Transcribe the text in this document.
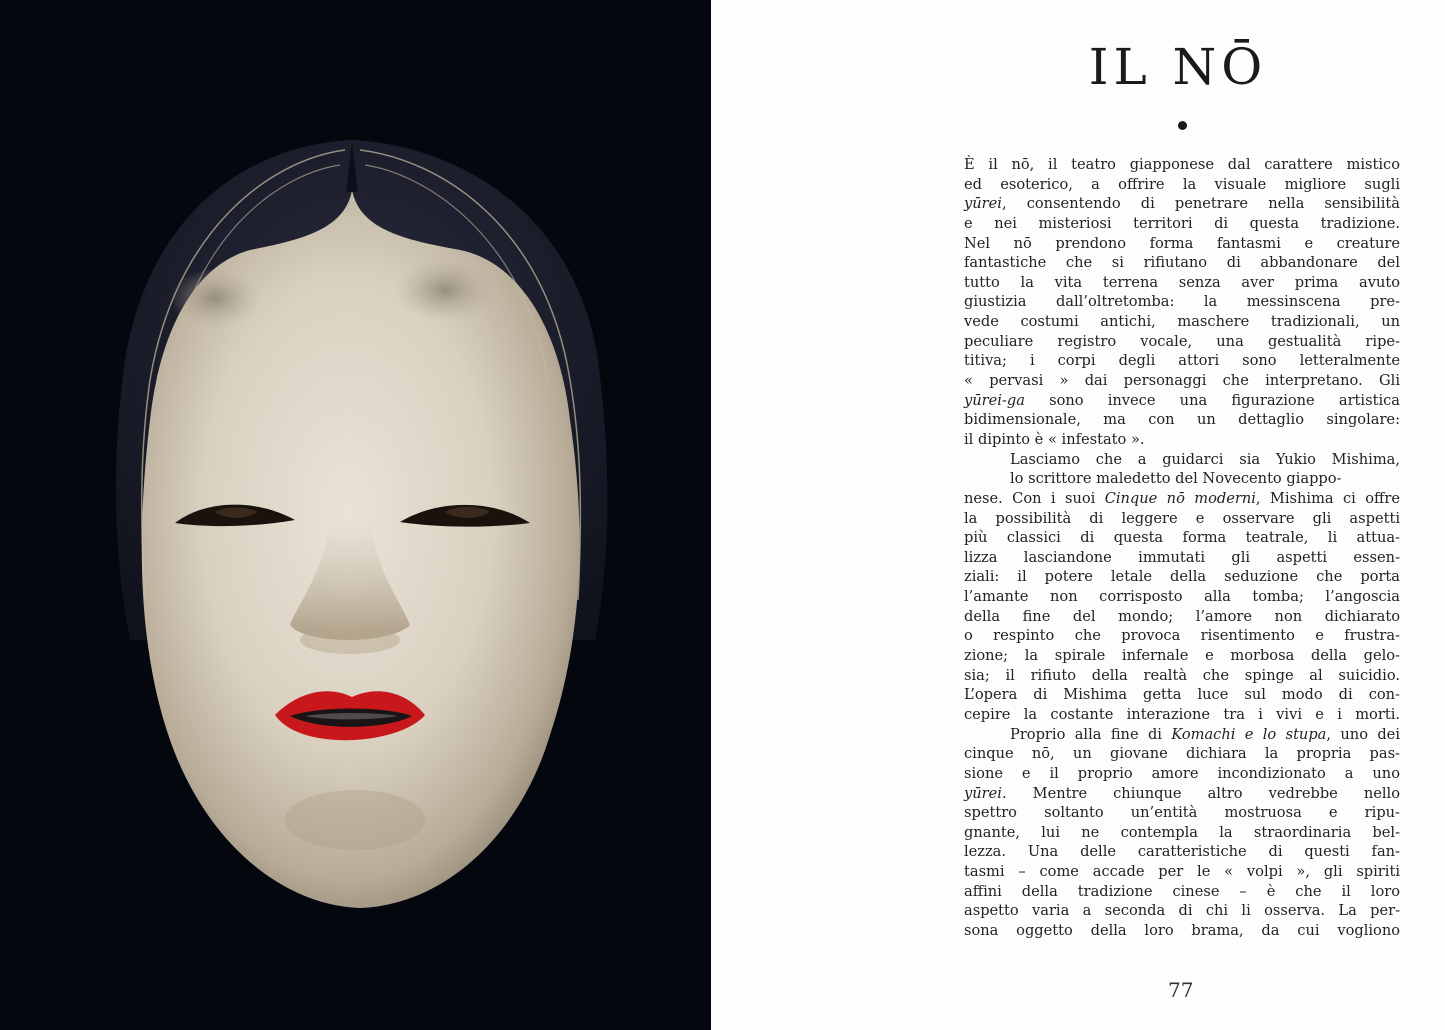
IL NŌ
È il nō, il teatro giapponese dal carattere mistico
ed esoterico, a offrire la visuale migliore sugli
yūrei, consentendo di penetrare nella sensibilità
e nei misteriosi territori di questa tradizione.
Nel nō prendono forma fantasmi e creature
fantastiche che si rifiutano di abbandonare del
tutto la vita terrena senza aver prima avuto
giustizia dall’oltretomba: la messinscena pre-
vede costumi antichi, maschere tradizionali, un
peculiare registro vocale, una gestualità ripe-
titiva; i corpi degli attori sono letteralmente
« pervasi » dai personaggi che interpretano. Gli
yūrei-ga sono invece una figurazione artistica
bidimensionale, ma con un dettaglio singolare:
il dipinto è « infestato ».
Lasciamo che a guidarci sia Yukio Mishima,
lo scrittore maledetto del Novecento giappo-
nese. Con i suoi Cinque nō moderni, Mishima ci offre
la possibilità di leggere e osservare gli aspetti
più classici di questa forma teatrale, li attua-
lizza lasciandone immutati gli aspetti essen-
ziali: il potere letale della seduzione che porta
l’amante non corrisposto alla tomba; l’angoscia
della fine del mondo; l’amore non dichiarato
o respinto che provoca risentimento e frustra-
zione; la spirale infernale e morbosa della gelo-
sia; il rifiuto della realtà che spinge al suicidio.
L’opera di Mishima getta luce sul modo di con-
cepire la costante interazione tra i vivi e i morti.
Proprio alla fine di Komachi e lo stupa, uno dei
cinque nō, un giovane dichiara la propria pas-
sione e il proprio amore incondizionato a uno
yūrei. Mentre chiunque altro vedrebbe nello
spettro soltanto un’entità mostruosa e ripu-
gnante, lui ne contempla la straordinaria bel-
lezza. Una delle caratteristiche di questi fan-
tasmi – come accade per le « volpi », gli spiriti
affini della tradizione cinese – è che il loro
aspetto varia a seconda di chi li osserva. La per-
sona oggetto della loro brama, da cui vogliono
77
